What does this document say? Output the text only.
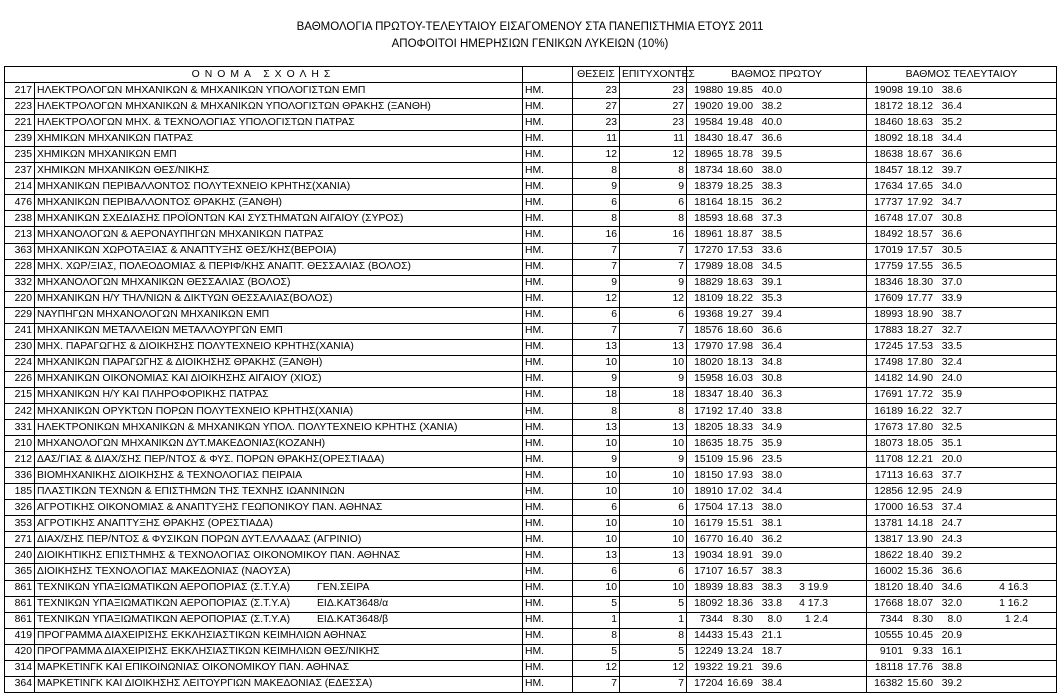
ΒΑΘΜΟΛΟΓΙΑ ΠΡΩΤΟΥ-ΤΕΛΕΥΤΑΙΟΥ ΕΙΣΑΓΟΜΕΝΟΥ ΣΤΑ ΠΑΝΕΠΙΣΤΗΜΙΑ ΕΤΟΥΣ 2011
ΑΠΟΦΟΙΤΟΙ ΗΜΕΡΗΣΙΩΝ ΓΕΝΙΚΩΝ ΛΥΚΕΙΩΝ (10%)
ΟΝΟΜΑ ΣΧΟΛΗΣ			ΘΕΣΕΙΣ	ΕΠΙΤΥΧΟΝΤΕΣ	ΒΑΘΜΟΣ ΠΡΩΤΟΥ	ΒΑΘΜΟΣ ΤΕΛΕΥΤΑΙΟΥ
217	ΗΛΕΚΤΡΟΛΟΓΩΝ ΜΗΧΑΝΙΚΩΝ & ΜΗΧΑΝΙΚΩΝ ΥΠΟΛΟΓΙΣΤΩΝ ΕΜΠ	ΗΜ.	23	23	19880 19.85 40.0	19098 19.10 38.6
223	ΗΛΕΚΤΡΟΛΟΓΩΝ ΜΗΧΑΝΙΚΩΝ & ΜΗΧΑΝΙΚΩΝ ΥΠΟΛΟΓΙΣΤΩΝ ΘΡΑΚΗΣ (ΞΑΝΘΗ)	ΗΜ.	27	27	19020 19.00 38.2	18172 18.12 36.4
221	ΗΛΕΚΤΡΟΛΟΓΩΝ ΜΗΧ. & ΤΕΧΝΟΛΟΓΙΑΣ ΥΠΟΛΟΓΙΣΤΩΝ ΠΑΤΡΑΣ	ΗΜ.	23	23	19584 19.48 40.0	18460 18.63 35.2
239	ΧΗΜΙΚΩΝ ΜΗΧΑΝΙΚΩΝ ΠΑΤΡΑΣ	ΗΜ.	11	11	18430 18.47 36.6	18092 18.18 34.4
235	ΧΗΜΙΚΩΝ ΜΗΧΑΝΙΚΩΝ ΕΜΠ	ΗΜ.	12	12	18965 18.78 39.5	18638 18.67 36.6
237	ΧΗΜΙΚΩΝ ΜΗΧΑΝΙΚΩΝ ΘΕΣ/ΝΙΚΗΣ	ΗΜ.	8	8	18734 18.60 38.0	18457 18.12 39.7
214	ΜΗΧΑΝΙΚΩΝ ΠΕΡΙΒΑΛΛΟΝΤΟΣ ΠΟΛΥΤΕΧΝΕΙΟ ΚΡΗΤΗΣ(ΧΑΝΙΑ)	ΗΜ.	9	9	18379 18.25 38.3	17634 17.65 34.0
476	ΜΗΧΑΝΙΚΩΝ ΠΕΡΙΒΑΛΛΟΝΤΟΣ ΘΡΑΚΗΣ (ΞΑΝΘΗ)	ΗΜ.	6	6	18164 18.15 36.2	17737 17.92 34.7
238	ΜΗΧΑΝΙΚΩΝ ΣΧΕΔΙΑΣΗΣ ΠΡΟΪΟΝΤΩΝ ΚΑΙ ΣΥΣΤΗΜΑΤΩΝ ΑΙΓΑΙΟΥ (ΣΥΡΟΣ)	ΗΜ.	8	8	18593 18.68 37.3	16748 17.07 30.8
213	ΜΗΧΑΝΟΛΟΓΩΝ & ΑΕΡΟΝΑΥΠΗΓΩΝ ΜΗΧΑΝΙΚΩΝ ΠΑΤΡΑΣ	ΗΜ.	16	16	18961 18.87 38.5	18492 18.57 36.6
363	ΜΗΧΑΝΙΚΩΝ ΧΩΡΟΤΑΞΙΑΣ & ΑΝΑΠΤΥΞΗΣ ΘΕΣ/ΚΗΣ(ΒΕΡΟΙΑ)	ΗΜ.	7	7	17270 17.53 33.6	17019 17.57 30.5
228	ΜΗΧ. ΧΩΡ/ΞΙΑΣ, ΠΟΛΕΟΔΟΜΙΑΣ & ΠΕΡΙΦ/ΚΗΣ ΑΝΑΠΤ. ΘΕΣΣΑΛΙΑΣ (ΒΟΛΟΣ)	ΗΜ.	7	7	17989 18.08 34.5	17759 17.55 36.5
332	ΜΗΧΑΝΟΛΟΓΩΝ ΜΗΧΑΝΙΚΩΝ ΘΕΣΣΑΛΙΑΣ (ΒΟΛΟΣ)	ΗΜ.	9	9	18829 18.63 39.1	18346 18.30 37.0
220	ΜΗΧΑΝΙΚΩΝ Η/Υ ΤΗΛ/ΝΙΩΝ & ΔΙΚΤΥΩΝ ΘΕΣΣΑΛΙΑΣ(ΒΟΛΟΣ)	ΗΜ.	12	12	18109 18.22 35.3	17609 17.77 33.9
229	ΝΑΥΠΗΓΩΝ ΜΗΧΑΝΟΛΟΓΩΝ ΜΗΧΑΝΙΚΩΝ ΕΜΠ	ΗΜ.	6	6	19368 19.27 39.4	18993 18.90 38.7
241	ΜΗΧΑΝΙΚΩΝ ΜΕΤΑΛΛΕΙΩΝ ΜΕΤΑΛΛΟΥΡΓΩΝ ΕΜΠ	ΗΜ.	7	7	18576 18.60 36.6	17883 18.27 32.7
230	ΜΗΧ. ΠΑΡΑΓΩΓΗΣ & ΔΙΟΙΚΗΣΗΣ ΠΟΛΥΤΕΧΝΕΙΟ ΚΡΗΤΗΣ(ΧΑΝΙΑ)	ΗΜ.	13	13	17970 17.98 36.4	17245 17.53 33.5
224	ΜΗΧΑΝΙΚΩΝ ΠΑΡΑΓΩΓΗΣ & ΔΙΟΙΚΗΣΗΣ ΘΡΑΚΗΣ (ΞΑΝΘΗ)	ΗΜ.	10	10	18020 18.13 34.8	17498 17.80 32.4
226	ΜΗΧΑΝΙΚΩΝ ΟΙΚΟΝΟΜΙΑΣ ΚΑΙ ΔΙΟΙΚΗΣΗΣ ΑΙΓΑΙΟΥ (ΧΙΟΣ)	ΗΜ.	9	9	15958 16.03 30.8	14182 14.90 24.0
215	ΜΗΧΑΝΙΚΩΝ Η/Υ ΚΑΙ ΠΛΗΡΟΦΟΡΙΚΗΣ ΠΑΤΡΑΣ	ΗΜ.	18	18	18347 18.40 36.3	17691 17.72 35.9
242	ΜΗΧΑΝΙΚΩΝ ΟΡΥΚΤΩΝ ΠΟΡΩΝ ΠΟΛΥΤΕΧΝΕΙΟ ΚΡΗΤΗΣ(ΧΑΝΙΑ)	ΗΜ.	8	8	17192 17.40 33.8	16189 16.22 32.7
331	ΗΛΕΚΤΡΟΝΙΚΩΝ ΜΗΧΑΝΙΚΩΝ & ΜΗΧΑΝΙΚΩΝ ΥΠΟΛ. ΠΟΛΥΤΕΧΝΕΙΟ ΚΡΗΤΗΣ (ΧΑΝΙΑ)	ΗΜ.	13	13	18205 18.33 34.9	17673 17.80 32.5
210	ΜΗΧΑΝΟΛΟΓΩΝ ΜΗΧΑΝΙΚΩΝ ΔΥΤ.ΜΑΚΕΔΟΝΙΑΣ(ΚΟΖΑΝΗ)	ΗΜ.	10	10	18635 18.75 35.9	18073 18.05 35.1
212	ΔΑΣ/ΓΙΑΣ & ΔΙΑΧ/ΣΗΣ ΠΕΡ/ΝΤΟΣ & ΦΥΣ. ΠΟΡΩΝ ΘΡΑΚΗΣ(ΟΡΕΣΤΙΑΔΑ)	ΗΜ.	9	9	15109 15.96 23.5	11708 12.21 20.0
336	ΒΙΟΜΗΧΑΝΙΚΗΣ ΔΙΟΙΚΗΣΗΣ & ΤΕΧΝΟΛΟΓΙΑΣ ΠΕΙΡΑΙΑ	ΗΜ.	10	10	18150 17.93 38.0	17113 16.63 37.7
185	ΠΛΑΣΤΙΚΩΝ ΤΕΧΝΩΝ & ΕΠΙΣΤΗΜΩΝ ΤΗΣ ΤΕΧΝΗΣ ΙΩΑΝΝΙΝΩΝ	ΗΜ.	10	10	18910 17.02 34.4	12856 12.95 24.9
326	ΑΓΡΟΤΙΚΗΣ ΟΙΚΟΝΟΜΙΑΣ & ΑΝΑΠΤΥΞΗΣ ΓΕΩΠΟΝΙΚΟΥ ΠΑΝ. ΑΘΗΝΑΣ	ΗΜ.	6	6	17504 17.13 38.0	17000 16.53 37.4
353	ΑΓΡΟΤΙΚΗΣ ΑΝΑΠΤΥΞΗΣ ΘΡΑΚΗΣ (ΟΡΕΣΤΙΑΔΑ)	ΗΜ.	10	10	16179 15.51 38.1	13781 14.18 24.7
271	ΔΙΑΧ/ΣΗΣ ΠΕΡ/ΝΤΟΣ & ΦΥΣΙΚΩΝ ΠΟΡΩΝ ΔΥΤ.ΕΛΛΑΔΑΣ (ΑΓΡΙΝΙΟ)	ΗΜ.	10	10	16770 16.40 36.2	13817 13.90 24.3
240	ΔΙΟΙΚΗΤΙΚΗΣ ΕΠΙΣΤΗΜΗΣ & ΤΕΧΝΟΛΟΓΙΑΣ ΟΙΚΟΝΟΜΙΚΟΥ ΠΑΝ. ΑΘΗΝΑΣ	ΗΜ.	13	13	19034 18.91 39.0	18622 18.40 39.2
365	ΔΙΟΙΚΗΣΗΣ ΤΕΧΝΟΛΟΓΙΑΣ ΜΑΚΕΔΟΝΙΑΣ (ΝΑΟΥΣΑ)	ΗΜ.	6	6	17107 16.57 38.3	16002 15.36 36.6
861	ΤΕΧΝΙΚΩΝ ΥΠΑΞΙΩΜΑΤΙΚΩΝ ΑΕΡΟΠΟΡΙΑΣ (Σ.Τ.Υ.Α) ΓΕΝ.ΣΕΙΡΑ	ΗΜ.	10	10	18939 18.83 38.3 3 19.9	18120 18.40 34.6 4 16.3
861	ΤΕΧΝΙΚΩΝ ΥΠΑΞΙΩΜΑΤΙΚΩΝ ΑΕΡΟΠΟΡΙΑΣ (Σ.Τ.Υ.Α) ΕΙΔ.ΚΑΤ3648/α	ΗΜ.	5	5	18092 18.36 33.8 4 17.3	17668 18.07 32.0 1 16.2
861	ΤΕΧΝΙΚΩΝ ΥΠΑΞΙΩΜΑΤΙΚΩΝ ΑΕΡΟΠΟΡΙΑΣ (Σ.Τ.Υ.Α) ΕΙΔ.ΚΑΤ3648/β	ΗΜ.	1	1	7344 8.30 8.0 1 2.4	7344 8.30 8.0 1 2.4
419	ΠΡΟΓΡΑΜΜΑ ΔΙΑΧΕΙΡΙΣΗΣ ΕΚΚΛΗΣΙΑΣΤΙΚΩΝ ΚΕΙΜΗΛΙΩΝ ΑΘΗΝΑΣ	ΗΜ.	8	8	14433 15.43 21.1	10555 10.45 20.9
420	ΠΡΟΓΡΑΜΜΑ ΔΙΑΧΕΙΡΙΣΗΣ ΕΚΚΛΗΣΙΑΣΤΙΚΩΝ ΚΕΙΜΗΛΙΩΝ ΘΕΣ/ΝΙΚΗΣ	ΗΜ.	5	5	12249 13.24 18.7	9101 9.33 16.1
314	ΜΑΡΚΕΤΙΝΓΚ ΚΑΙ ΕΠΙΚΟΙΝΩΝΙΑΣ ΟΙΚΟΝΟΜΙΚΟΥ ΠΑΝ. ΑΘΗΝΑΣ	ΗΜ.	12	12	19322 19.21 39.6	18118 17.76 38.8
364	ΜΑΡΚΕΤΙΝΓΚ ΚΑΙ ΔΙΟΙΚΗΣΗΣ ΛΕΙΤΟΥΡΓΙΩΝ ΜΑΚΕΔΟΝΙΑΣ (ΕΔΕΣΣΑ)	ΗΜ.	7	7	17204 16.69 38.4	16382 15.60 39.2
